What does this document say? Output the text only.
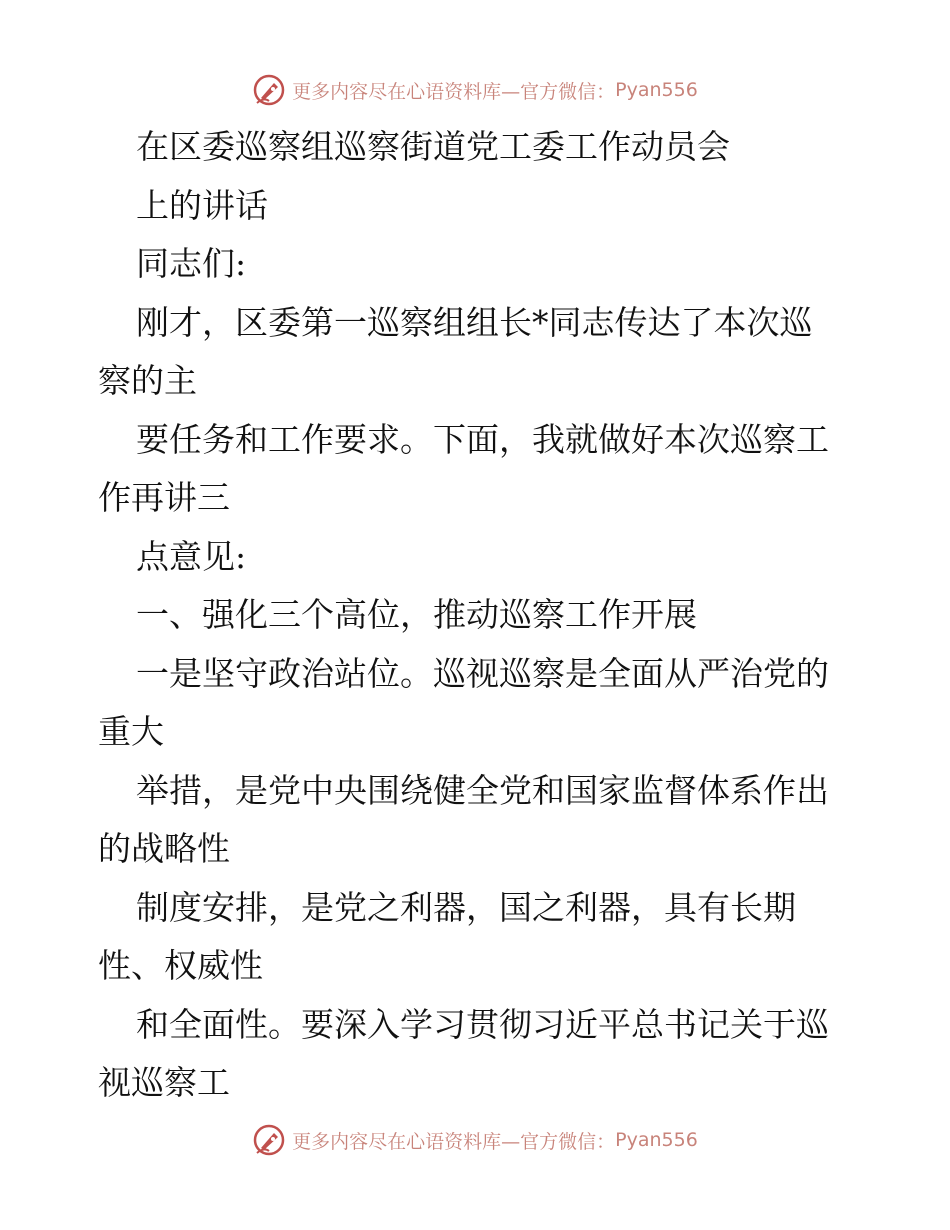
更多内容尽在心语资料库—官方微信： Pyan556
在区委巡察组巡察街道党工委工作动员会
上的讲话
同志们:
刚才，区委第一巡察组组长*同志传达了本次巡
察的主
要任务和工作要求。下面，我就做好本次巡察工
作再讲三
点意见:
一、强化三个高位，推动巡察工作开展
一是坚守政治站位。巡视巡察是全面从严治党的
重大
举措，是党中央围绕健全党和国家监督体系作出
的战略性
制度安排，是党之利器，国之利器，具有长期
性、权威性
和全面性。要深入学习贯彻习近平总书记关于巡
视巡察工
更多内容尽在心语资料库—官方微信： Pyan556
